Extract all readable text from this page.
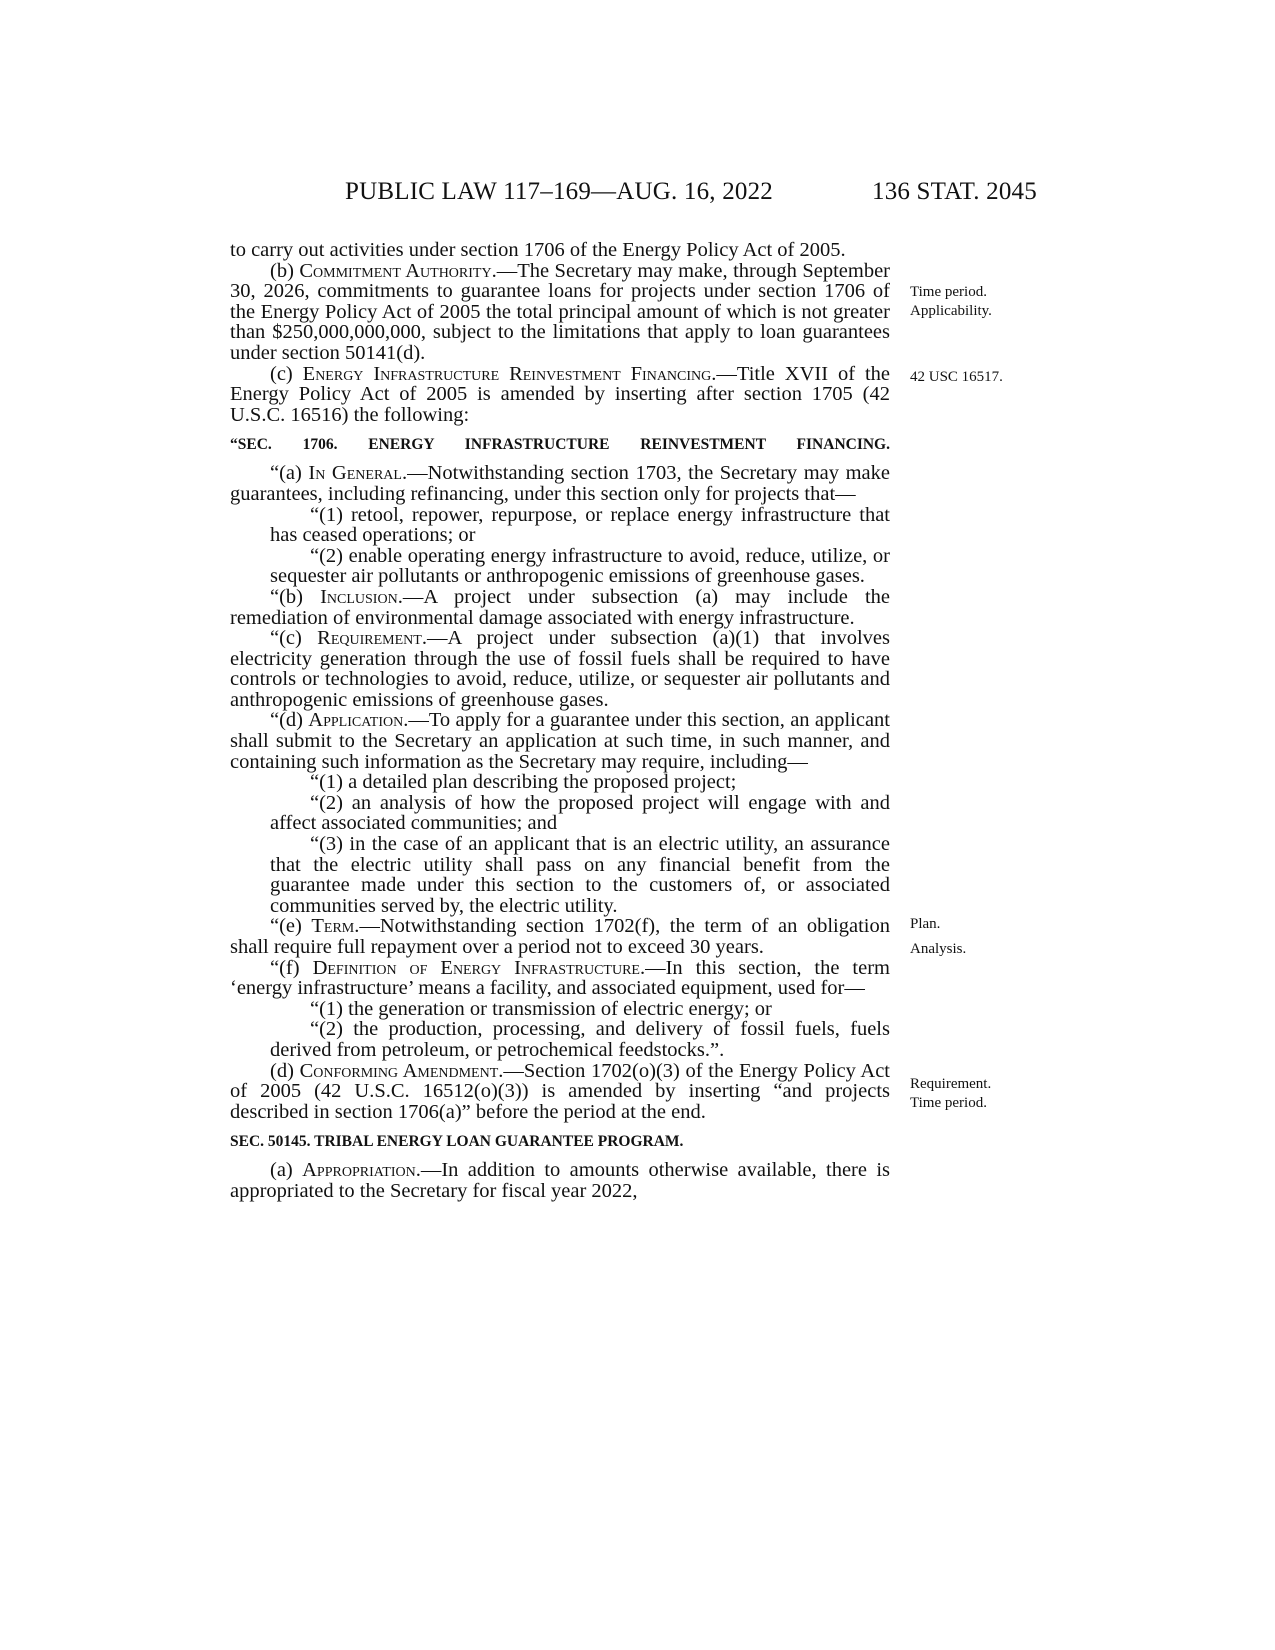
PUBLIC LAW 117–169—AUG. 16, 2022	136 STAT. 2045
to carry out activities under section 1706 of the Energy Policy Act of 2005.
(b) Commitment Authority.—The Secretary may make, through September 30, 2026, commitments to guarantee loans for projects under section 1706 of the Energy Policy Act of 2005 the total principal amount of which is not greater than $250,000,000,000, subject to the limitations that apply to loan guarantees under section 50141(d).
(c) Energy Infrastructure Reinvestment Financing.—Title XVII of the Energy Policy Act of 2005 is amended by inserting after section 1705 (42 U.S.C. 16516) the following:
“SEC. 1706. ENERGY INFRASTRUCTURE REINVESTMENT FINANCING.
“(a) In General.—Notwithstanding section 1703, the Secretary may make guarantees, including refinancing, under this section only for projects that—
“(1) retool, repower, repurpose, or replace energy infrastructure that has ceased operations; or
“(2) enable operating energy infrastructure to avoid, reduce, utilize, or sequester air pollutants or anthropogenic emissions of greenhouse gases.
“(b) Inclusion.—A project under subsection (a) may include the remediation of environmental damage associated with energy infrastructure.
“(c) Requirement.—A project under subsection (a)(1) that involves electricity generation through the use of fossil fuels shall be required to have controls or technologies to avoid, reduce, utilize, or sequester air pollutants and anthropogenic emissions of greenhouse gases.
“(d) Application.—To apply for a guarantee under this section, an applicant shall submit to the Secretary an application at such time, in such manner, and containing such information as the Secretary may require, including—
“(1) a detailed plan describing the proposed project;
“(2) an analysis of how the proposed project will engage with and affect associated communities; and
“(3) in the case of an applicant that is an electric utility, an assurance that the electric utility shall pass on any financial benefit from the guarantee made under this section to the customers of, or associated communities served by, the electric utility.
“(e) Term.—Notwithstanding section 1702(f), the term of an obligation shall require full repayment over a period not to exceed 30 years.
“(f) Definition of Energy Infrastructure.—In this section, the term ‘energy infrastructure’ means a facility, and associated equipment, used for—
“(1) the generation or transmission of electric energy; or
“(2) the production, processing, and delivery of fossil fuels, fuels derived from petroleum, or petrochemical feedstocks.”.
(d) Conforming Amendment.—Section 1702(o)(3) of the Energy Policy Act of 2005 (42 U.S.C. 16512(o)(3)) is amended by inserting “and projects described in section 1706(a)” before the period at the end.
SEC. 50145. TRIBAL ENERGY LOAN GUARANTEE PROGRAM.
(a) Appropriation.—In addition to amounts otherwise available, there is appropriated to the Secretary for fiscal year 2022,
Time period.
Applicability.
42 USC 16517.
Plan.
Analysis.
Requirement.
Time period.
